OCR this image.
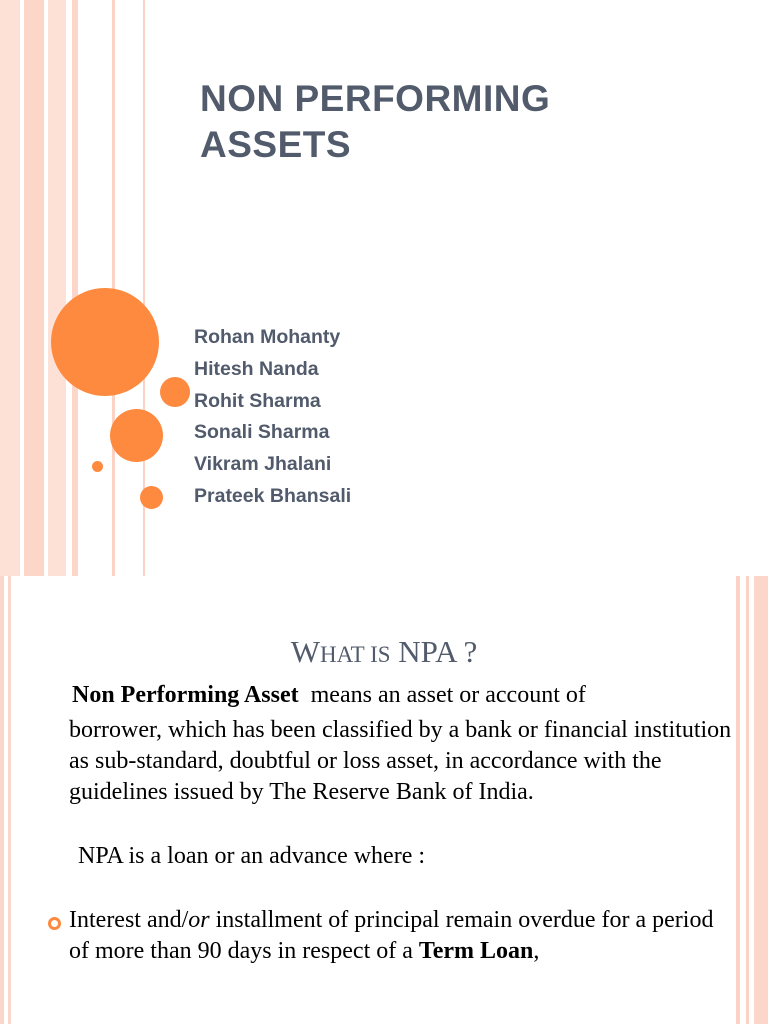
NON PERFORMING
ASSETS
Rohan Mohanty
Hitesh Nanda
Rohit Sharma
Sonali Sharma
Vikram Jhalani
Prateek Bhansali
WHAT IS NPA ?

Non Performing Asset means an asset or account of

borrower, which has been classified by a bank or financial institution as sub-standard, doubtful or loss asset, in accordance with the guidelines issued by The Reserve Bank of India.

NPA is a loan or an advance where :

Interest and/or installment of principal remain overdue for a period of more than 90 days in respect of a Term Loan,
